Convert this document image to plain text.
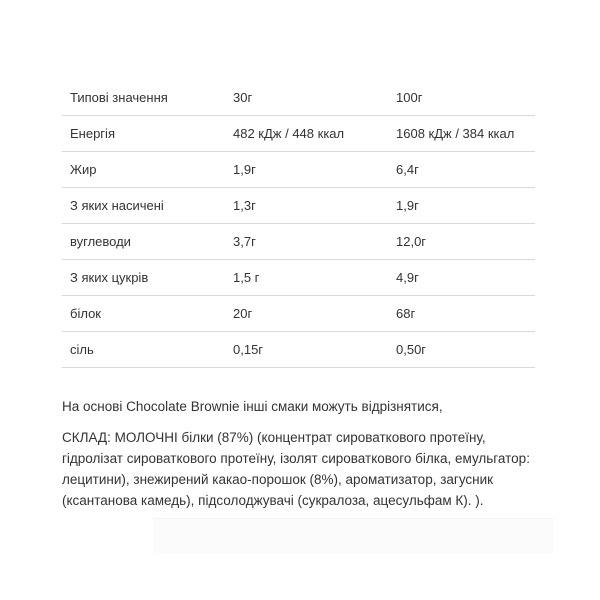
Типові значення	30г	100г
Енергія	482 кДж / 448 ккал	1608 кДж / 384 ккал
Жир	1,9г	6,4г
З яких насичені	1,3г	1,9г
вуглеводи	3,7г	12,0г
З яких цукрів	1,5 г	4,9г
білок	20г	68г
сіль	0,15г	0,50г

На основі Chocolate Brownie інші смаки можуть відрізнятися,

СКЛАД: МОЛОЧНІ білки (87%) (концентрат сироваткового протеїну, гідролізат сироваткового протеїну, ізолят сироваткового білка, емульгатор: лецитини), знежирений какао-порошок (8%), ароматизатор, загусник (ксантанова камедь), підсолоджувачі (сукралоза, ацесульфам К). ).
